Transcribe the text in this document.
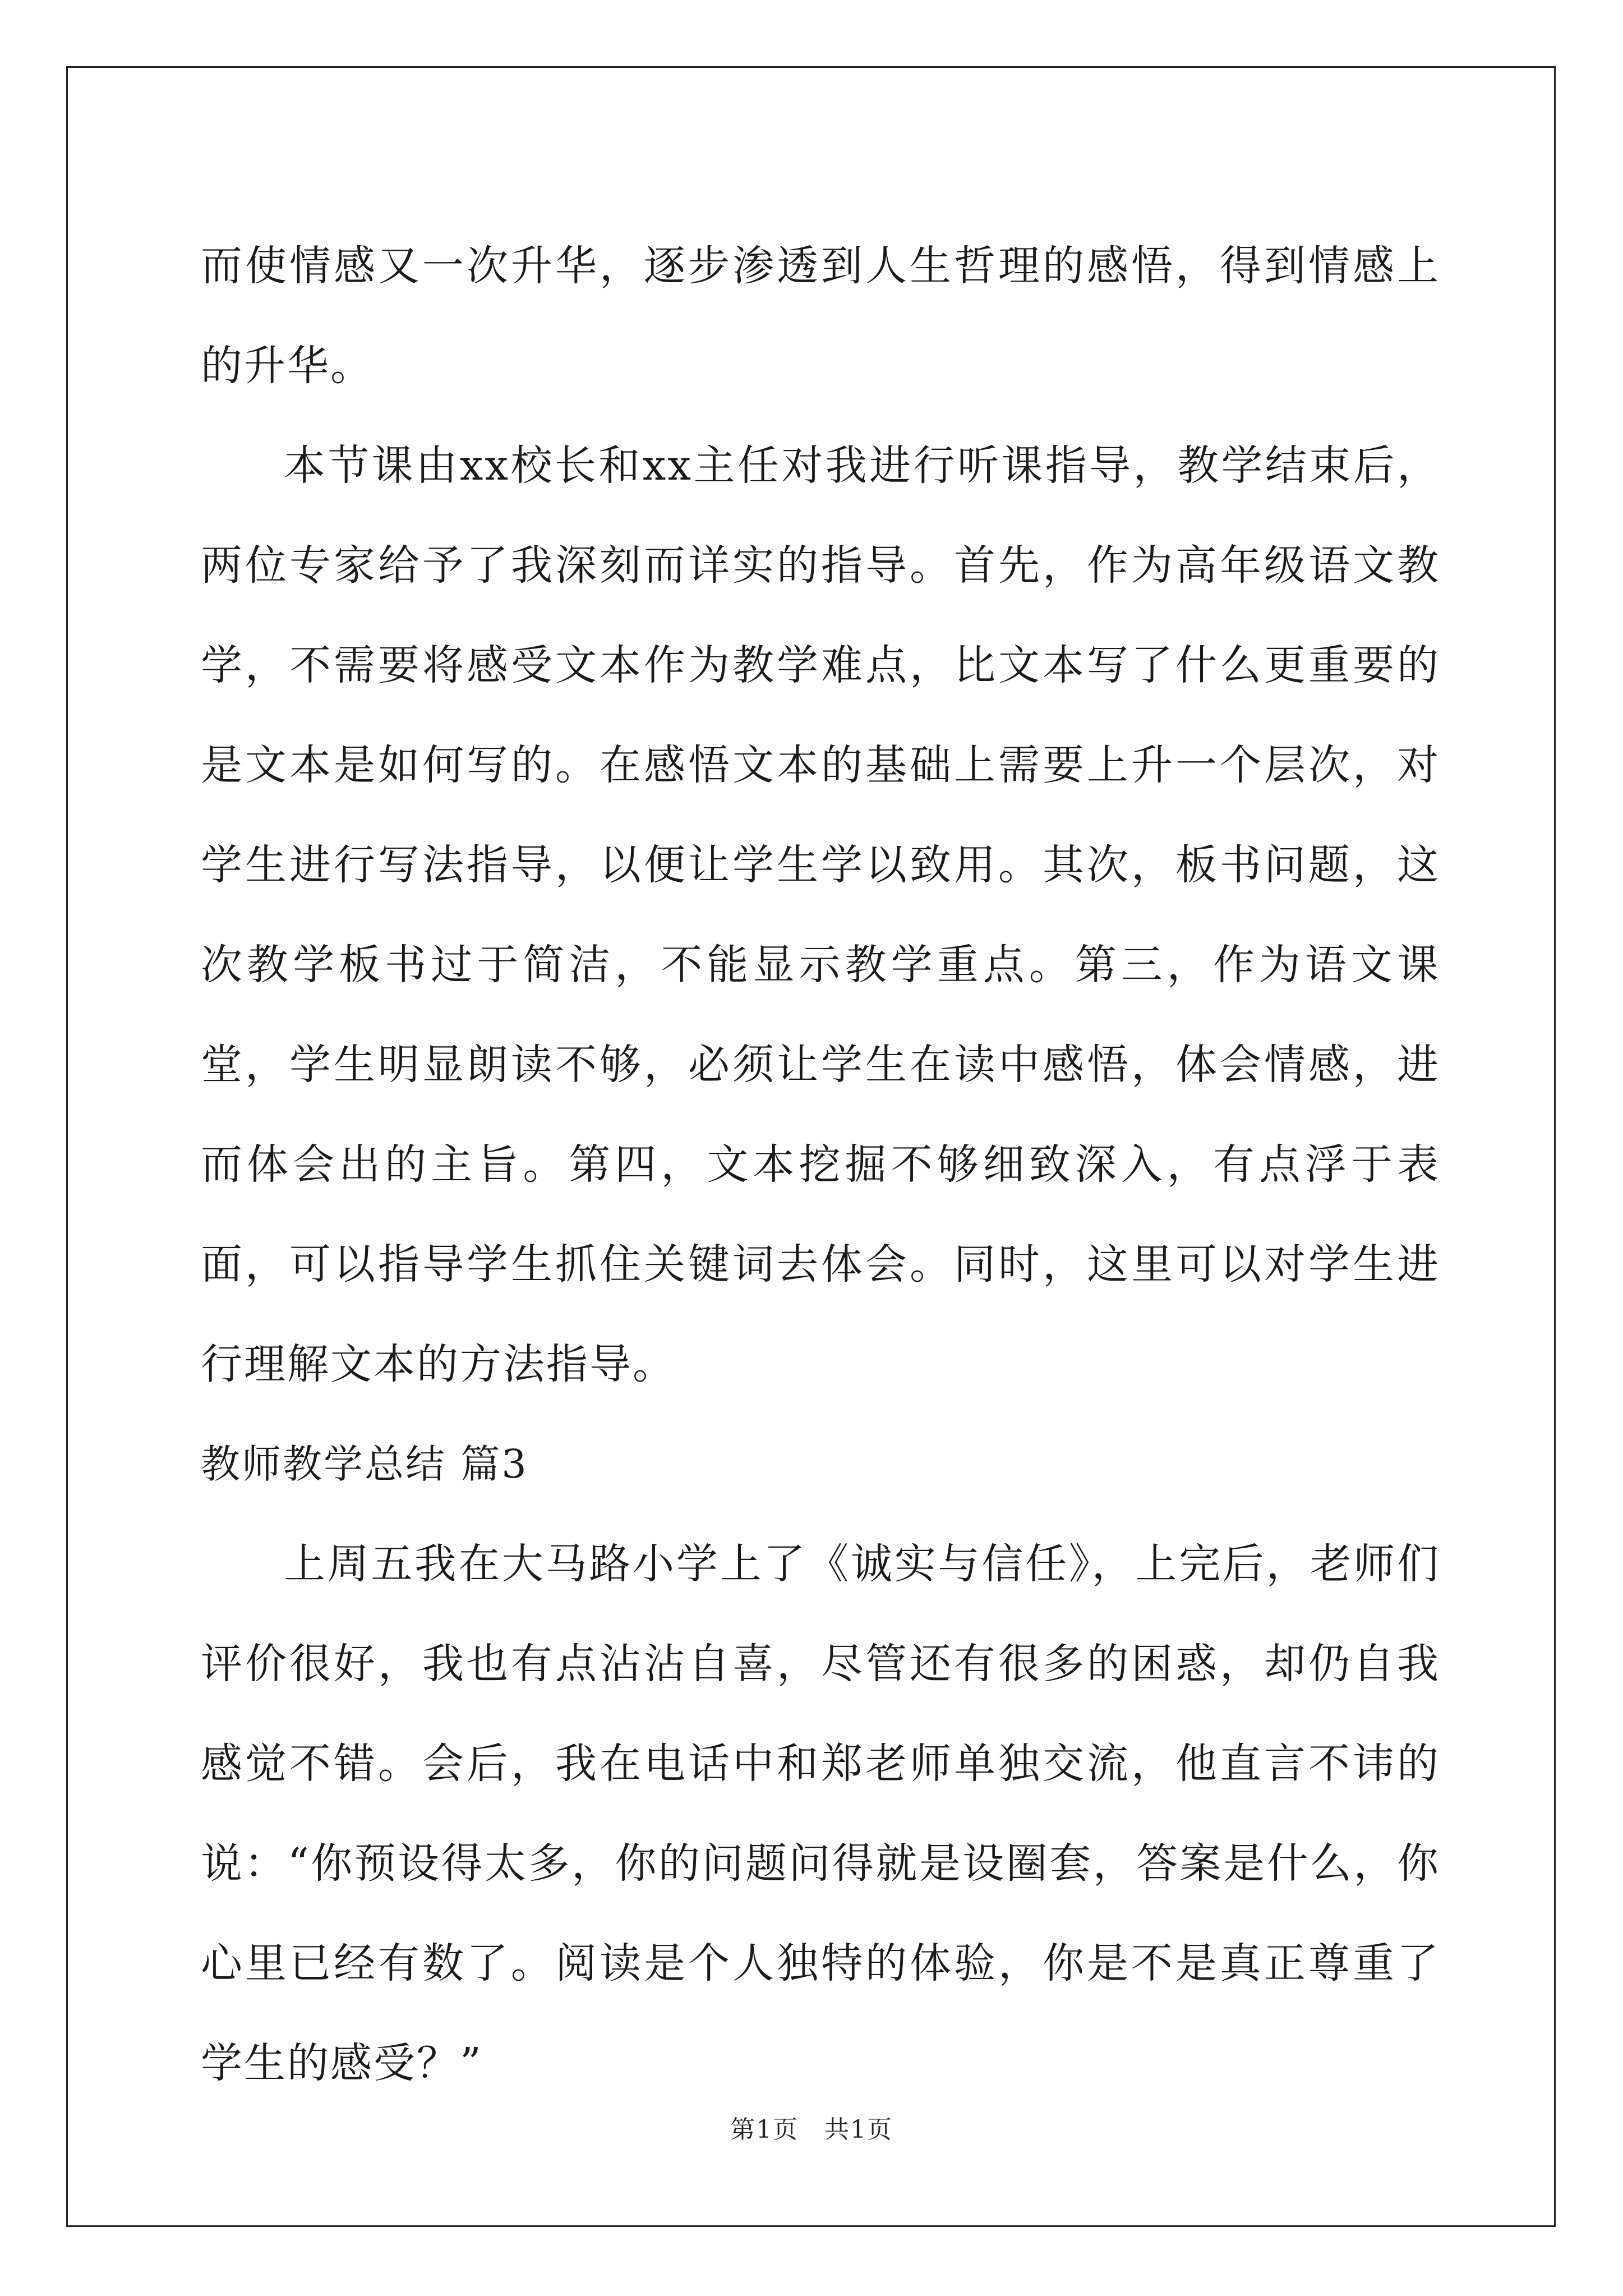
而使情感又一次升华，逐步渗透到人生哲理的感悟，得到情感上的升华。

本节课由xx校长和xx主任对我进行听课指导，教学结束后，两位专家给予了我深刻而详实的指导。首先，作为高年级语文教学，不需要将感受文本作为教学难点，比文本写了什么更重要的是文本是如何写的。在感悟文本的基础上需要上升一个层次，对学生进行写法指导，以便让学生学以致用。其次，板书问题，这次教学板书过于简洁，不能显示教学重点。第三，作为语文课堂，学生明显朗读不够，必须让学生在读中感悟，体会情感，进而体会出的主旨。第四，文本挖掘不够细致深入，有点浮于表面，可以指导学生抓住关键词去体会。同时，这里可以对学生进行理解文本的方法指导。

教师教学总结 篇3

上周五我在大马路小学上了《诚实与信任》，上完后，老师们评价很好，我也有点沾沾自喜，尽管还有很多的困惑，却仍自我感觉不错。会后，我在电话中和郑老师单独交流，他直言不讳的说：“你预设得太多，你的问题问得就是设圈套，答案是什么，你心里已经有数了。阅读是个人独特的体验，你是不是真正尊重了学生的感受？”

第1页　共1页
